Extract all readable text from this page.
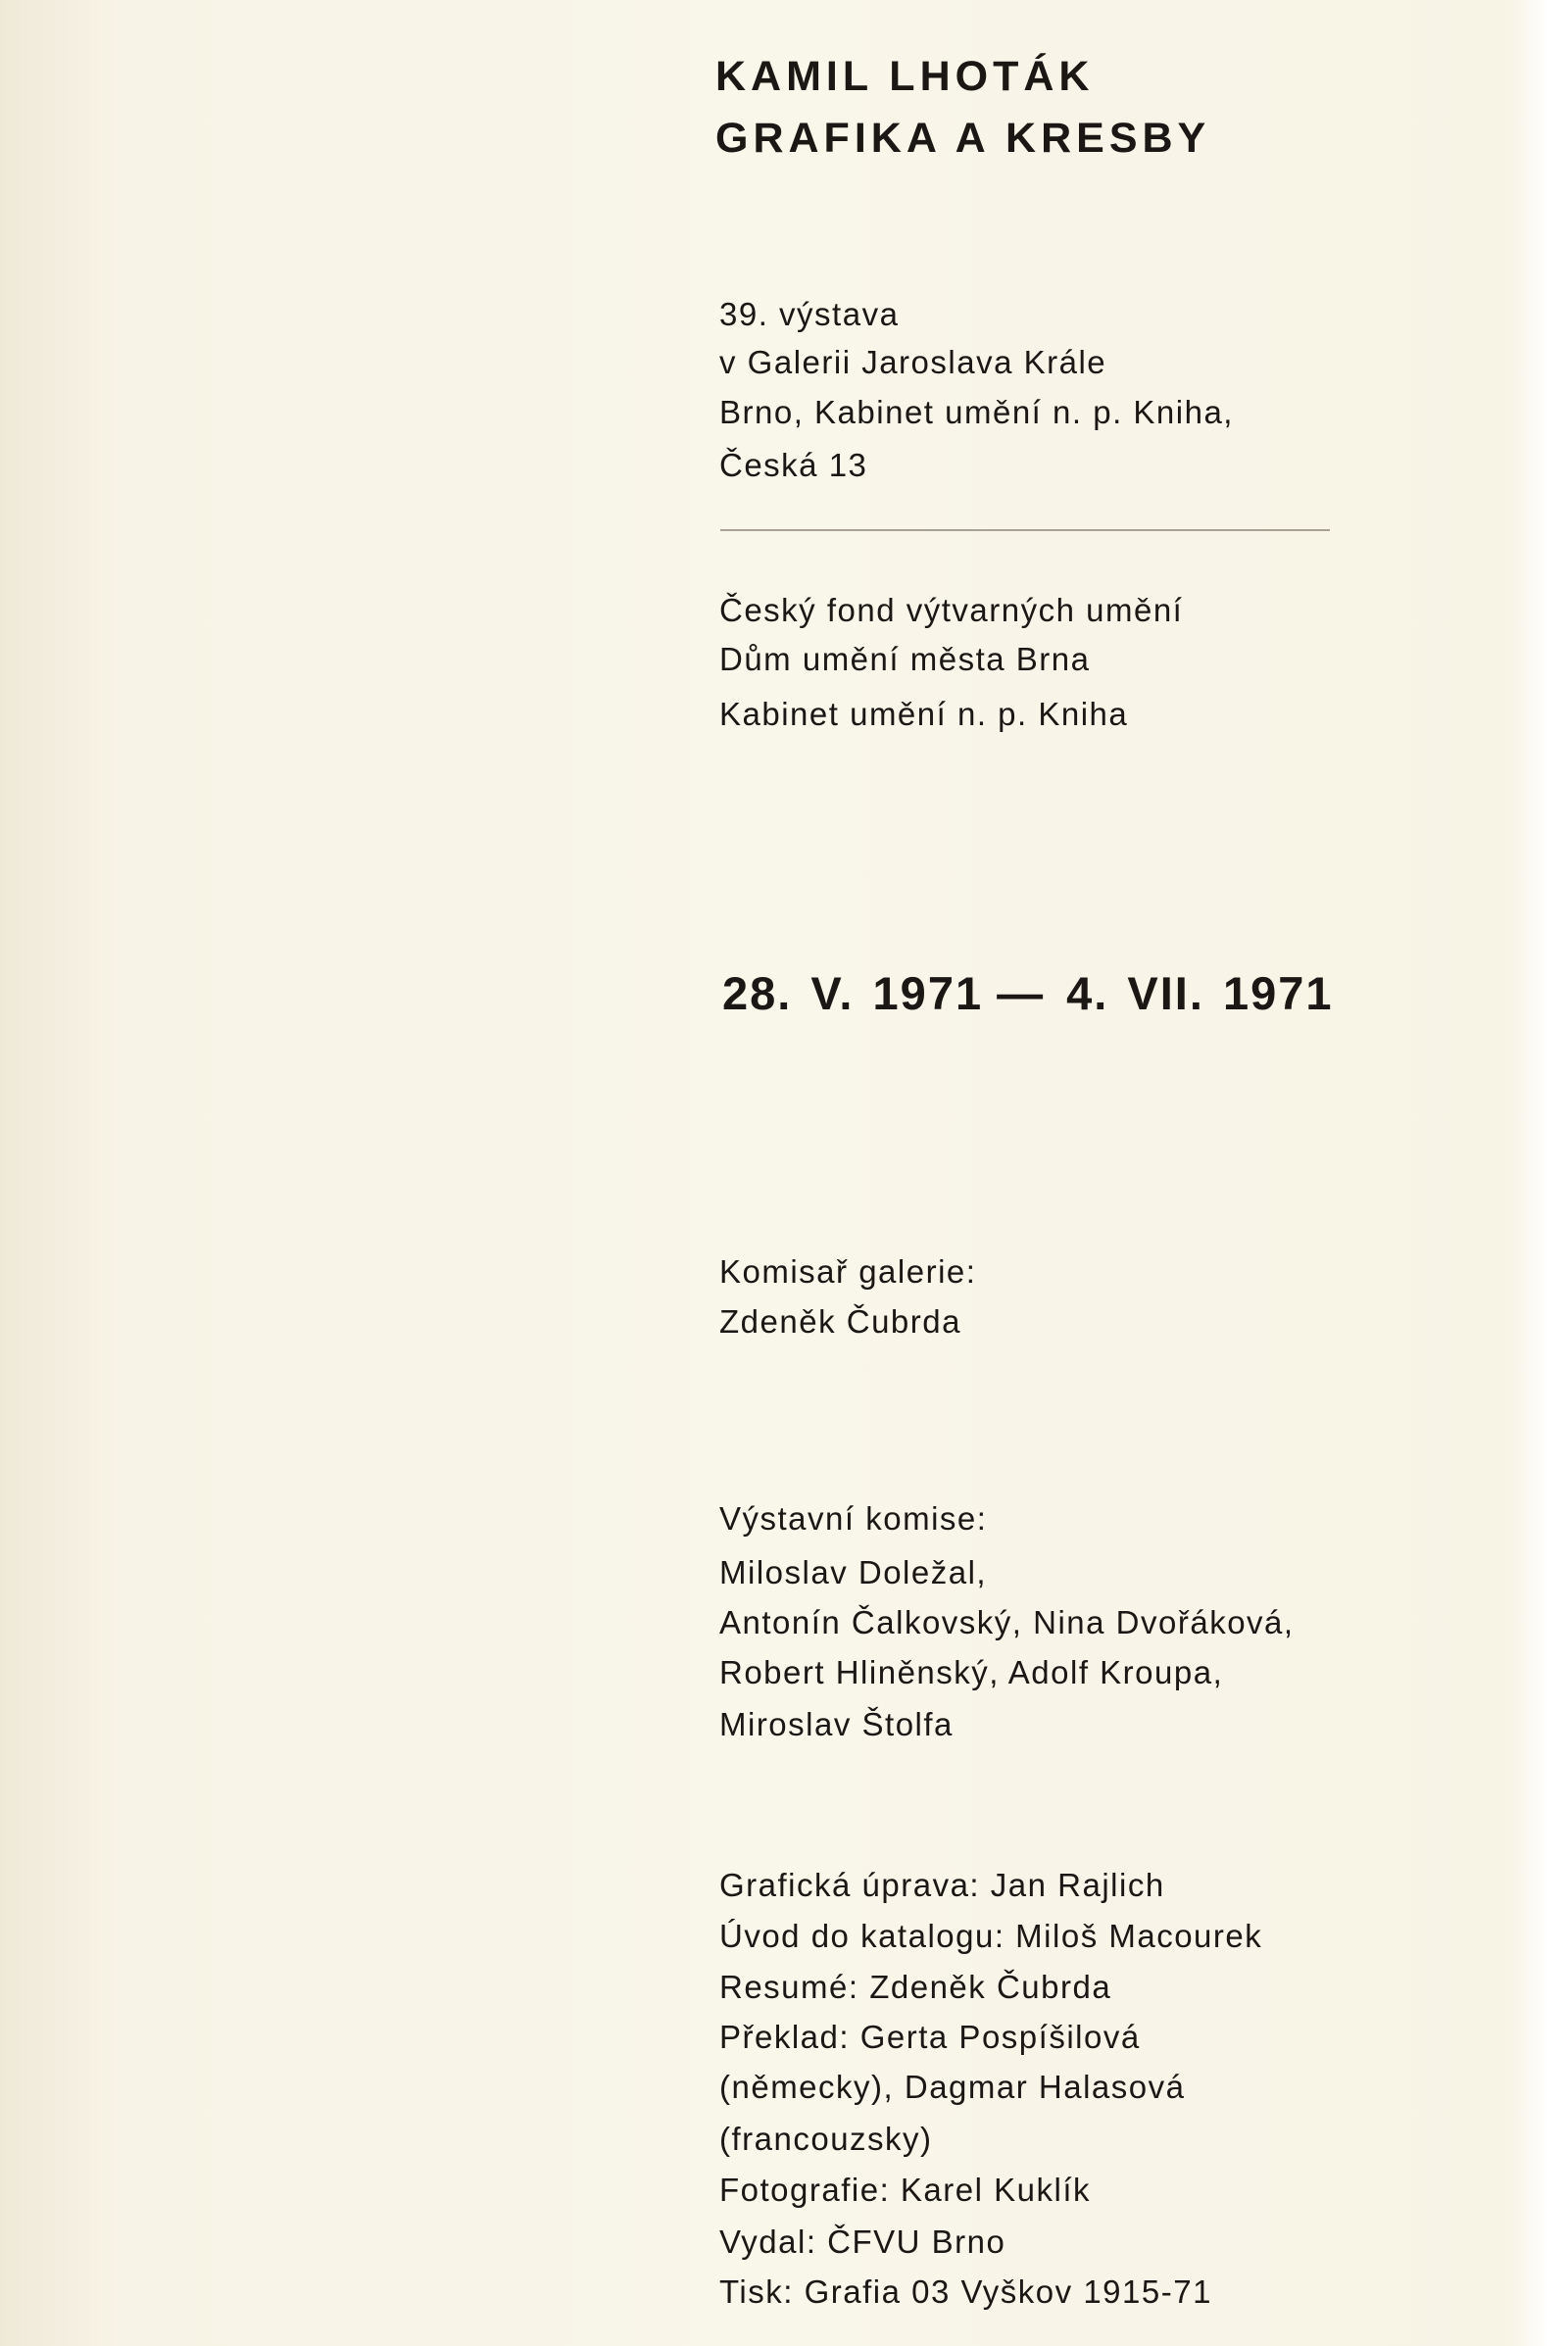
KAMIL LHOTÁK
GRAFIKA A KRESBY
39. výstava
v Galerii Jaroslava Krále
Brno, Kabinet umění n. p. Kniha,
Česká 13
Český fond výtvarných umění
Dům umění města Brna
Kabinet umění n. p. Kniha
28. V. 1971 — 4. VII. 1971
Komisař galerie:
Zdeněk Čubrda
Výstavní komise:
Miloslav Doležal,
Antonín Čalkovský, Nina Dvořáková,
Robert Hliněnský, Adolf Kroupa,
Miroslav Štolfa
Grafická úprava: Jan Rajlich
Úvod do katalogu: Miloš Macourek
Resumé: Zdeněk Čubrda
Překlad: Gerta Pospíšilová
(německy), Dagmar Halasová
(francouzsky)
Fotografie: Karel Kuklík
Vydal: ČFVU Brno
Tisk: Grafia 03 Vyškov 1915-71
